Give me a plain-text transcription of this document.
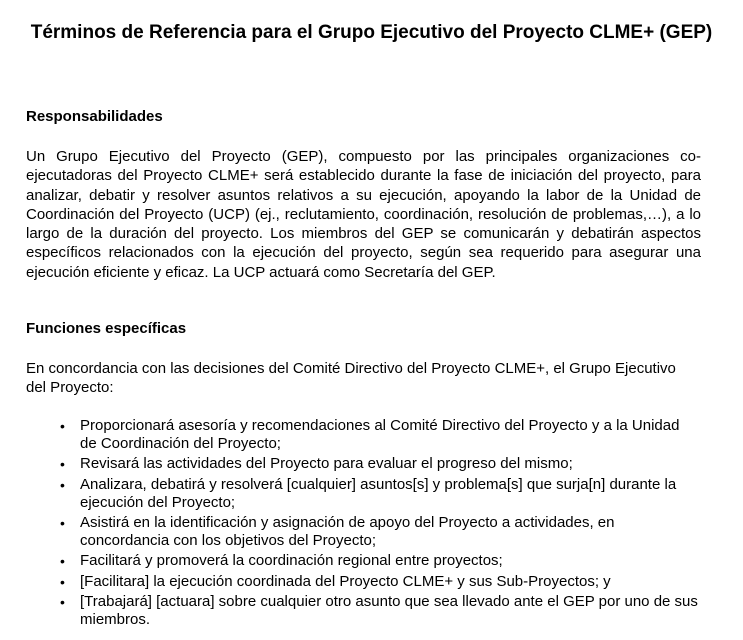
Términos de Referencia para el Grupo Ejecutivo del Proyecto CLME+ (GEP)
Responsabilidades

Un Grupo Ejecutivo del Proyecto (GEP), compuesto por las principales organizaciones co-ejecutadoras del Proyecto CLME+ será establecido durante la fase de iniciación del proyecto, para analizar, debatir y resolver asuntos relativos a su ejecución, apoyando la labor de la Unidad de Coordinación del Proyecto (UCP) (ej., reclutamiento, coordinación, resolución de problemas,…), a lo largo de la duración del proyecto. Los miembros del GEP se comunicarán y debatirán aspectos específicos relacionados con la ejecución del proyecto, según sea requerido para asegurar una ejecución eficiente y eficaz. La UCP actuará como Secretaría del GEP.

Funciones específicas

En concordancia con las decisiones del Comité Directivo del Proyecto CLME+, el Grupo Ejecutivo del Proyecto:

• Proporcionará asesoría y recomendaciones al Comité Directivo del Proyecto y a la Unidad de Coordinación del Proyecto;
• Revisará las actividades del Proyecto para evaluar el progreso del mismo;
• Analizara, debatirá y resolverá [cualquier] asuntos[s] y problema[s] que surja[n] durante la ejecución del Proyecto;
• Asistirá en la identificación y asignación de apoyo del Proyecto a actividades, en concordancia con los objetivos del Proyecto;
• Facilitará y promoverá la coordinación regional entre proyectos;
• [Facilitara] la ejecución coordinada del Proyecto CLME+ y sus Sub-Proyectos; y
• [Trabajará] [actuara] sobre cualquier otro asunto que sea llevado ante el GEP por uno de sus miembros.
